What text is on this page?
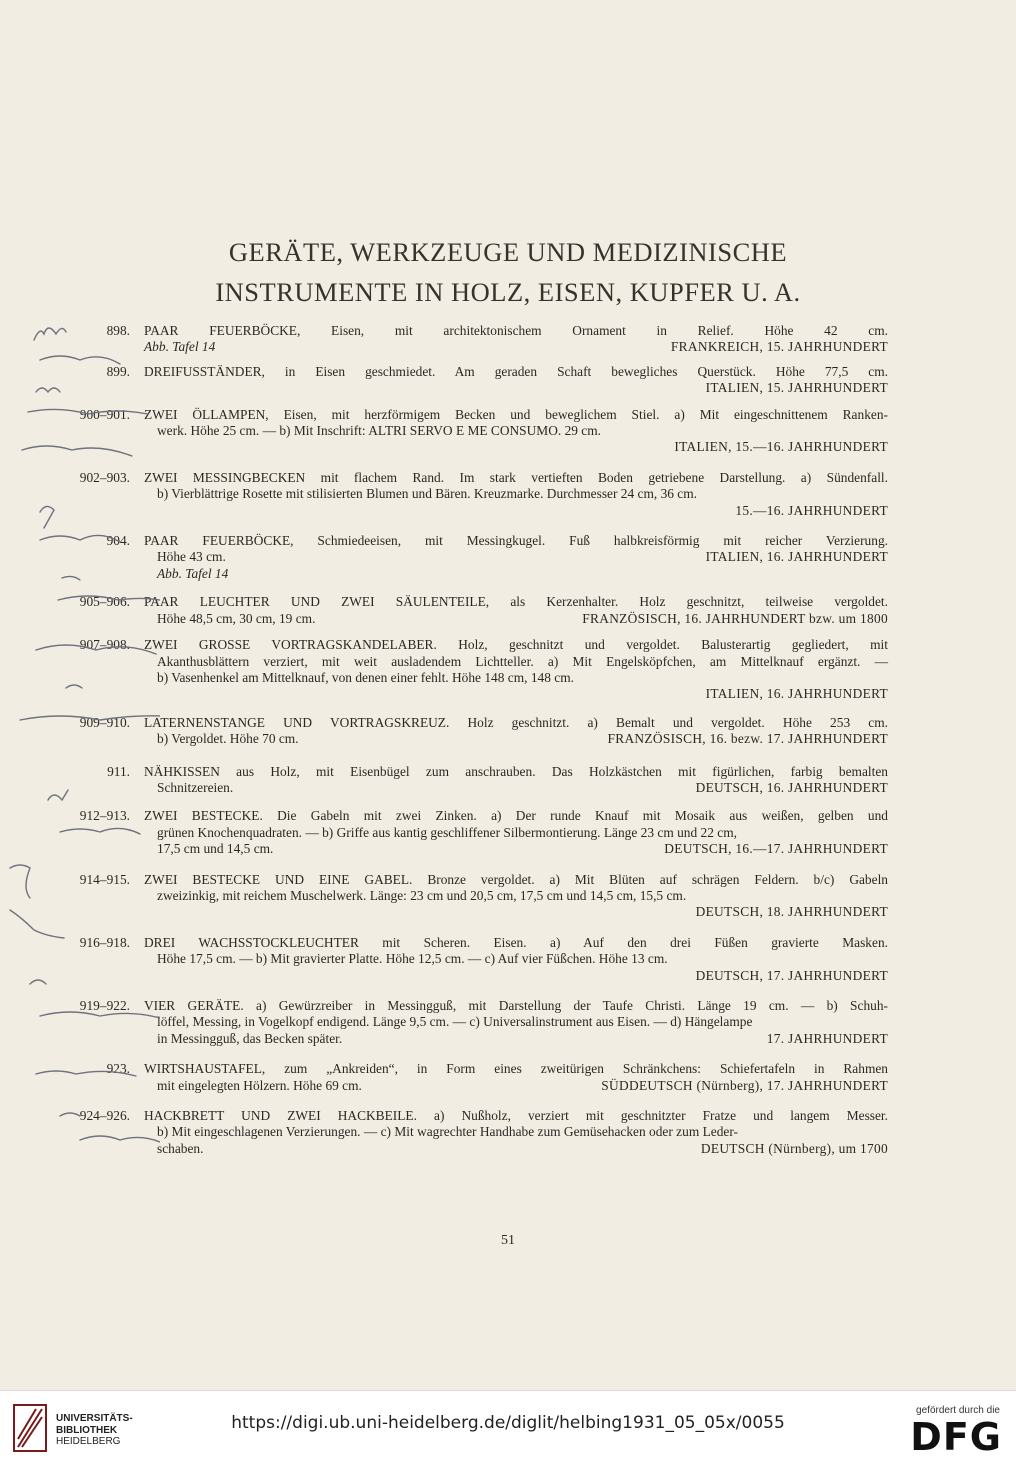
GERÄTE, WERKZEUGE UND MEDIZINISCHE
INSTRUMENTE IN HOLZ, EISEN, KUPFER U. A.
898. PAAR FEUERBÖCKE, Eisen, mit architektonischem Ornament in Relief. Höhe 42 cm.
Abb. Tafel 14	FRANKREICH, 15. JAHRHUNDERT
899. DREIFUSSTÄNDER, in Eisen geschmiedet. Am geraden Schaft bewegliches Querstück. Höhe 77,5 cm.
ITALIEN, 15. JAHRHUNDERT
900–901. ZWEI ÖLLAMPEN, Eisen, mit herzförmigem Becken und beweglichem Stiel. a) Mit eingeschnittenem Ranken-
werk. Höhe 25 cm. — b) Mit Inschrift: ALTRI SERVO E ME CONSUMO. 29 cm.
ITALIEN, 15.—16. JAHRHUNDERT
902–903. ZWEI MESSINGBECKEN mit flachem Rand. Im stark vertieften Boden getriebene Darstellung. a) Sündenfall.
b) Vierblättrige Rosette mit stilisierten Blumen und Bären. Kreuzmarke. Durchmesser 24 cm, 36 cm.
15.—16. JAHRHUNDERT
904. PAAR FEUERBÖCKE, Schmiedeeisen, mit Messingkugel. Fuß halbkreisförmig mit reicher Verzierung.
Höhe 43 cm.	ITALIEN, 16. JAHRHUNDERT
Abb. Tafel 14
905–906. PAAR LEUCHTER UND ZWEI SÄULENTEILE, als Kerzenhalter. Holz geschnitzt, teilweise vergoldet.
Höhe 48,5 cm, 30 cm, 19 cm.	FRANZÖSISCH, 16. JAHRHUNDERT bzw. um 1800
907–908. ZWEI GROSSE VORTRAGSKANDELABER. Holz, geschnitzt und vergoldet. Balusterartig gegliedert, mit
Akanthusblättern verziert, mit weit ausladendem Lichtteller. a) Mit Engelsköpfchen, am Mittelknauf ergänzt. —
b) Vasenhenkel am Mittelknauf, von denen einer fehlt. Höhe 148 cm, 148 cm.
ITALIEN, 16. JAHRHUNDERT
909–910. LATERNENSTANGE UND VORTRAGSKREUZ. Holz geschnitzt. a) Bemalt und vergoldet. Höhe 253 cm.
b) Vergoldet. Höhe 70 cm.	FRANZÖSISCH, 16. bezw. 17. JAHRHUNDERT
911. NÄHKISSEN aus Holz, mit Eisenbügel zum anschrauben. Das Holzkästchen mit figürlichen, farbig bemalten
Schnitzereien.	DEUTSCH, 16. JAHRHUNDERT
912–913. ZWEI BESTECKE. Die Gabeln mit zwei Zinken. a) Der runde Knauf mit Mosaik aus weißen, gelben und
grünen Knochenquadraten. — b) Griffe aus kantig geschliffener Silbermontierung. Länge 23 cm und 22 cm,
17,5 cm und 14,5 cm.	DEUTSCH, 16.—17. JAHRHUNDERT
914–915. ZWEI BESTECKE UND EINE GABEL. Bronze vergoldet. a) Mit Blüten auf schrägen Feldern. b/c) Gabeln
zweizinkig, mit reichem Muschelwerk. Länge: 23 cm und 20,5 cm, 17,5 cm und 14,5 cm, 15,5 cm.
DEUTSCH, 18. JAHRHUNDERT
916–918. DREI WACHSSTOCKLEUCHTER mit Scheren. Eisen. a) Auf den drei Füßen gravierte Masken.
Höhe 17,5 cm. — b) Mit gravierter Platte. Höhe 12,5 cm. — c) Auf vier Füßchen. Höhe 13 cm.
DEUTSCH, 17. JAHRHUNDERT
919–922. VIER GERÄTE. a) Gewürzreiber in Messingguß, mit Darstellung der Taufe Christi. Länge 19 cm. — b) Schuh-
löffel, Messing, in Vogelkopf endigend. Länge 9,5 cm. — c) Universalinstrument aus Eisen. — d) Hängelampe
in Messingguß, das Becken später.	17. JAHRHUNDERT
923. WIRTSHAUSTAFEL, zum „Ankreiden“, in Form eines zweitürigen Schränkchens: Schiefertafeln in Rahmen
mit eingelegten Hölzern. Höhe 69 cm.	SÜDDEUTSCH (Nürnberg), 17. JAHRHUNDERT
924–926. HACKBRETT UND ZWEI HACKBEILE. a) Nußholz, verziert mit geschnitzter Fratze und langem Messer.
b) Mit eingeschlagenen Verzierungen. — c) Mit wagrechter Handhabe zum Gemüsehacken oder zum Leder-
schaben.	DEUTSCH (Nürnberg), um 1700
51
UNIVERSITÄTS-
BIBLIOTHEK
HEIDELBERG
https://digi.ub.uni-heidelberg.de/diglit/helbing1931_05_05x/0055
gefördert durch die
DFG
